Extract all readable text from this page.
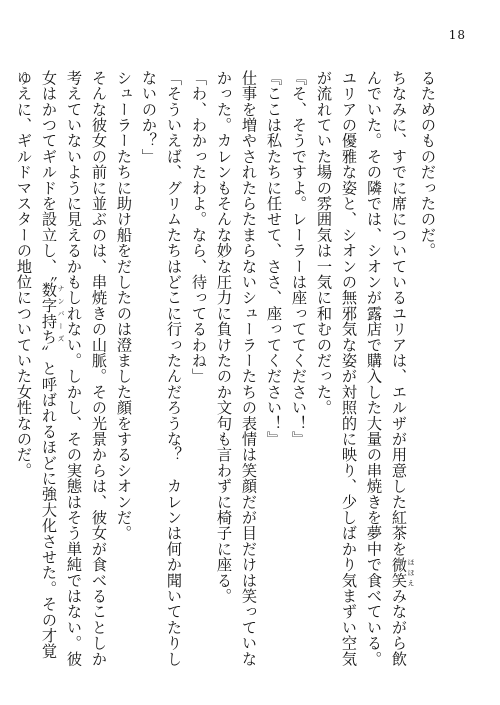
18

るためのものだったのだ。

ちなみに、すでに席についているユリアは、エルザが用意した紅茶を微笑 ほほえみながら飲んでいた。その隣では、シオンが露店で購入した大量の串焼きを夢中で食べている。

ユリアの優雅な姿と、シオンの無邪気な姿が対照的に映り、少しばかり気まずい空気が流れていた場の雰囲気は一気に和むのだった。

『そ、そうですよ。レーラーは座っててください！』

『ここは私たちに任せて、ささ、座ってください！』

仕事を増やされたらたまらないシューラーたちの表情は笑顔だが目だけは笑っていなかった。カレンもそんな妙な圧力に負けたのか文句も言わずに椅子に座る。

「わ、わかったわよ。なら、待ってるわね」

「そういえば、グリムたちはどこに行ったんだろうな？　カレンは何か聞いてたりしないのか？」

シューラーたちに助け船をだしたのは澄ました顔をするシオンだ。

そんな彼女の前に並ぶのは、串焼きの山脈。その光景からは、彼女が食べることしか考えていないように見えるかもしれない。しかし、その実態はそう単純ではない。彼女はかつてギルドを設立し、〝数字持ち ナンバーズ〟と呼ばれるほどに強大化させた。その才覚ゆえに、ギルドマスターの地位についていた女性なのだ。
